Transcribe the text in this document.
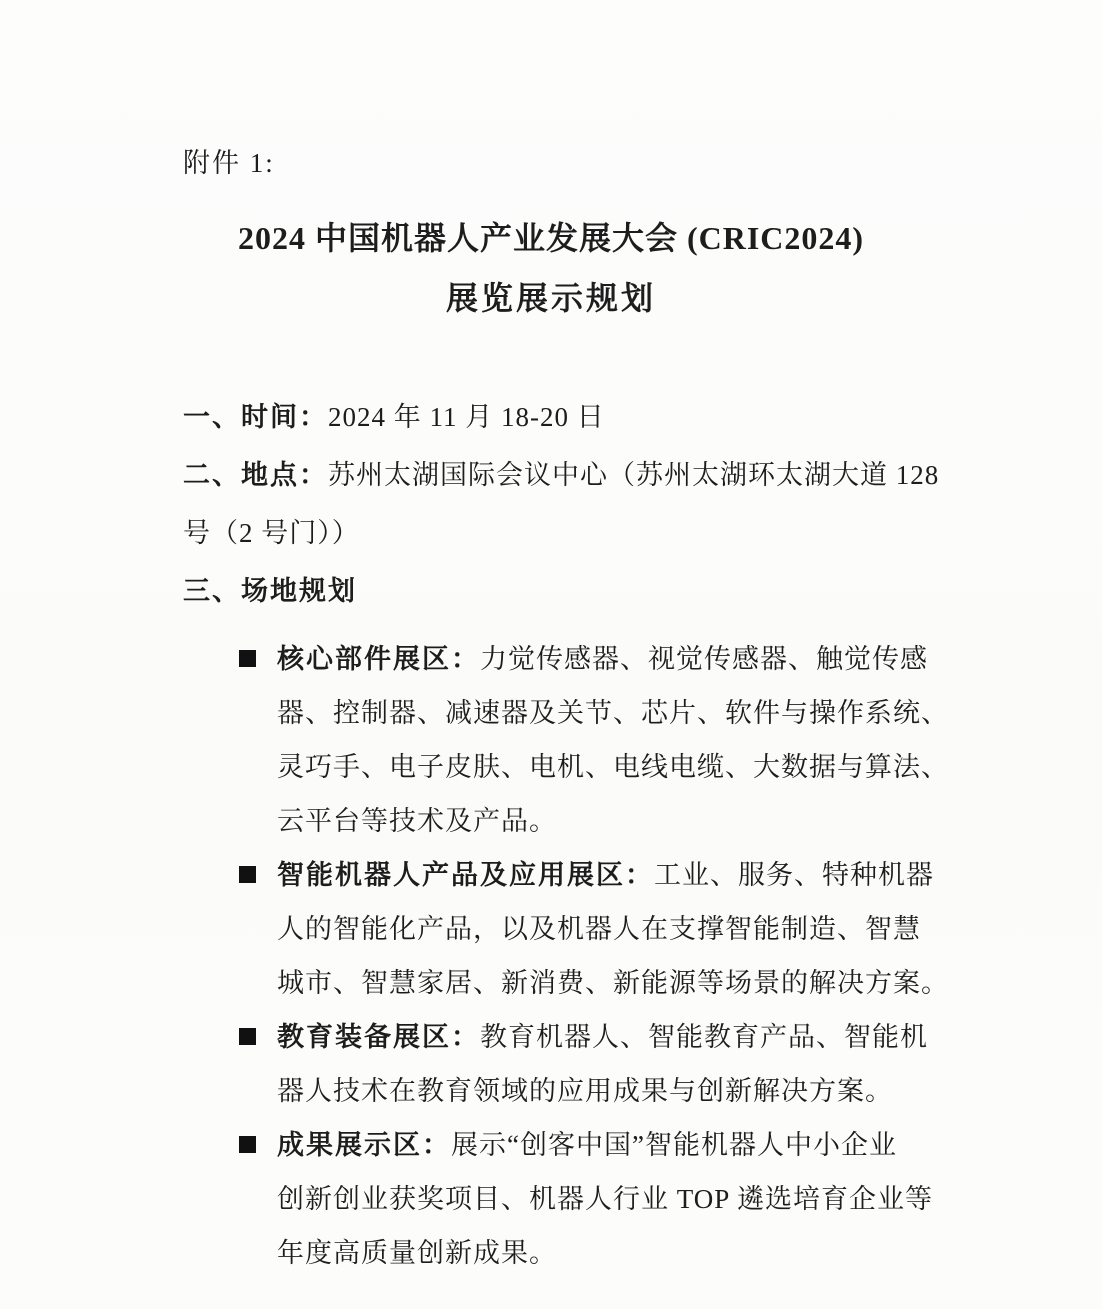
附件 1:
2024 中国机器人产业发展大会 (CRIC2024)
展览展示规划

一、时间：2024 年 11 月 18-20 日

二、地点：苏州太湖国际会议中心（苏州太湖环太湖大道 128

号（2 号门））

三、场地规划

核心部件展区：力觉传感器、视觉传感器、触觉传感
器、控制器、减速器及关节、芯片、软件与操作系统、
灵巧手、电子皮肤、电机、电线电缆、大数据与算法、
云平台等技术及产品。
智能机器人产品及应用展区：工业、服务、特种机器
人的智能化产品，以及机器人在支撑智能制造、智慧
城市、智慧家居、新消费、新能源等场景的解决方案。
教育装备展区：教育机器人、智能教育产品、智能机
器人技术在教育领域的应用成果与创新解决方案。
成果展示区：展示“创客中国”智能机器人中小企业
创新创业获奖项目、机器人行业 TOP 遴选培育企业等
年度高质量创新成果。
